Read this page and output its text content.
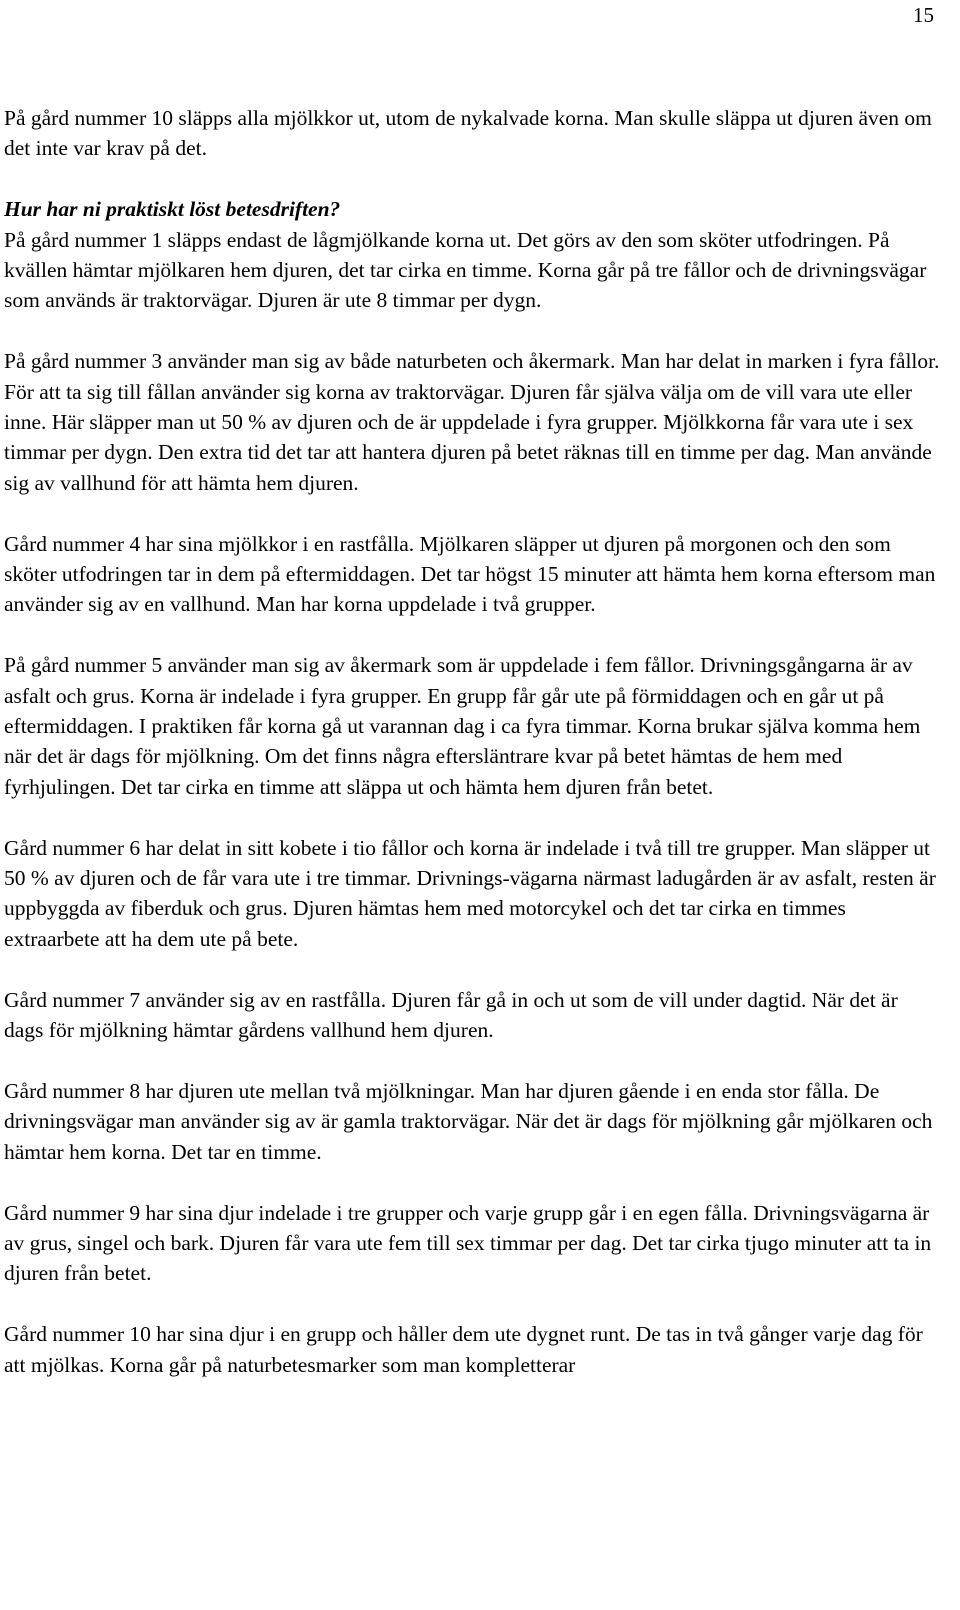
15

På gård nummer 10 släpps alla mjölkkor ut, utom de nykalvade korna. Man skulle släppa ut djuren även om det inte var krav på det.

Hur har ni praktiskt löst betesdriften?

På gård nummer 1 släpps endast de lågmjölkande korna ut. Det görs av den som sköter utfodringen. På kvällen hämtar mjölkaren hem djuren, det tar cirka en timme. Korna går på tre fållor och de drivningsvägar som används är traktorvägar. Djuren är ute 8 timmar per dygn.

På gård nummer 3 använder man sig av både naturbeten och åkermark. Man har delat in marken i fyra fållor. För att ta sig till fållan använder sig korna av traktorvägar. Djuren får själva välja om de vill vara ute eller inne. Här släpper man ut 50 % av djuren och de är uppdelade i fyra grupper. Mjölkkorna får vara ute i sex timmar per dygn. Den extra tid det tar att hantera djuren på betet räknas till en timme per dag. Man använde sig av vallhund för att hämta hem djuren.

Gård nummer 4 har sina mjölkkor i en rastfålla. Mjölkaren släpper ut djuren på morgonen och den som sköter utfodringen tar in dem på eftermiddagen. Det tar högst 15 minuter att hämta hem korna eftersom man använder sig av en vallhund. Man har korna uppdelade i två grupper.

På gård nummer 5 använder man sig av åkermark som är uppdelade i fem fållor. Drivningsgångarna är av asfalt och grus. Korna är indelade i fyra grupper. En grupp får går ute på förmiddagen och en går ut på eftermiddagen. I praktiken får korna gå ut varannan dag i ca fyra timmar. Korna brukar själva komma hem när det är dags för mjölkning. Om det finns några eftersläntrare kvar på betet hämtas de hem med fyrhjulingen. Det tar cirka en timme att släppa ut och hämta hem djuren från betet.

Gård nummer 6 har delat in sitt kobete i tio fållor och korna är indelade i två till tre grupper. Man släpper ut 50 % av djuren och de får vara ute i tre timmar. Drivnings-vägarna närmast ladugården är av asfalt, resten är uppbyggda av fiberduk och grus. Djuren hämtas hem med motorcykel och det tar cirka en timmes extraarbete att ha dem ute på bete.

Gård nummer 7 använder sig av en rastfålla. Djuren får gå in och ut som de vill under dagtid. När det är dags för mjölkning hämtar gårdens vallhund hem djuren.

Gård nummer 8 har djuren ute mellan två mjölkningar. Man har djuren gående i en enda stor fålla. De drivningsvägar man använder sig av är gamla traktorvägar. När det är dags för mjölkning går mjölkaren och hämtar hem korna. Det tar en timme.

Gård nummer 9 har sina djur indelade i tre grupper och varje grupp går i en egen fålla. Drivningsvägarna är av grus, singel och bark. Djuren får vara ute fem till sex timmar per dag. Det tar cirka tjugo minuter att ta in djuren från betet.

Gård nummer 10 har sina djur i en grupp och håller dem ute dygnet runt. De tas in två gånger varje dag för att mjölkas. Korna går på naturbetesmarker som man kompletterar
